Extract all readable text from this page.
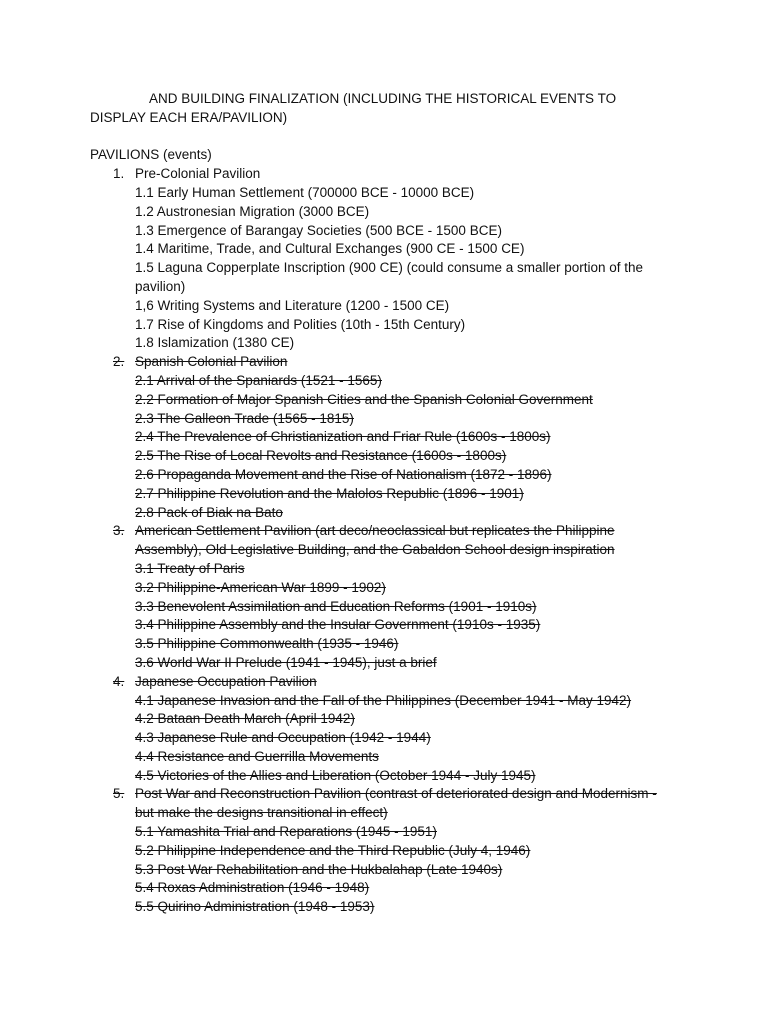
AND BUILDING FINALIZATION (INCLUDING THE HISTORICAL EVENTS TO
DISPLAY EACH ERA/PAVILION)
PAVILIONS (events)
1. Pre-Colonial Pavilion
1.1 Early Human Settlement (700000 BCE - 10000 BCE)
1.2 Austronesian Migration (3000 BCE)
1.3 Emergence of Barangay Societies (500 BCE - 1500 BCE)
1.4 Maritime, Trade, and Cultural Exchanges (900 CE - 1500 CE)
1.5 Laguna Copperplate Inscription (900 CE) (could consume a smaller portion of the pavilion)
1,6 Writing Systems and Literature (1200 - 1500 CE)
1.7 Rise of Kingdoms and Polities (10th - 15th Century)
1.8 Islamization (1380 CE)
2. Spanish Colonial Pavilion
2.1 Arrival of the Spaniards (1521 - 1565)
2.2 Formation of Major Spanish Cities and the Spanish Colonial Government
2.3 The Galleon Trade (1565 - 1815)
2.4 The Prevalence of Christianization and Friar Rule (1600s - 1800s)
2.5 The Rise of Local Revolts and Resistance (1600s - 1800s)
2.6 Propaganda Movement and the Rise of Nationalism (1872 - 1896)
2.7 Philippine Revolution and the Malolos Republic (1896 - 1901)
2.8 Pack of Biak na Bato
3. American Settlement Pavilion (art deco/neoclassical but replicates the Philippine Assembly), Old Legislative Building, and the Gabaldon School design inspiration
3.1 Treaty of Paris
3.2 Philippine-American War 1899 - 1902)
3.3 Benevolent Assimilation and Education Reforms (1901 - 1910s)
3.4 Philippine Assembly and the Insular Government (1910s - 1935)
3.5 Philippine Commonwealth (1935 - 1946)
3.6 World War II Prelude (1941 - 1945), just a brief
4. Japanese Occupation Pavilion
4.1 Japanese Invasion and the Fall of the Philippines (December 1941 - May 1942)
4.2 Bataan Death March (April 1942)
4.3 Japanese Rule and Occupation (1942 - 1944)
4.4 Resistance and Guerrilla Movements
4.5 Victories of the Allies and Liberation (October 1944 - July 1945)
5. Post War and Reconstruction Pavilion (contrast of deteriorated design and Modernism - but make the designs transitional in effect)
5.1 Yamashita Trial and Reparations (1945 - 1951)
5.2 Philippine Independence and the Third Republic (July 4, 1946)
5.3 Post War Rehabilitation and the Hukbalahap (Late 1940s)
5.4 Roxas Administration (1946 - 1948)
5.5 Quirino Administration (1948 - 1953)
